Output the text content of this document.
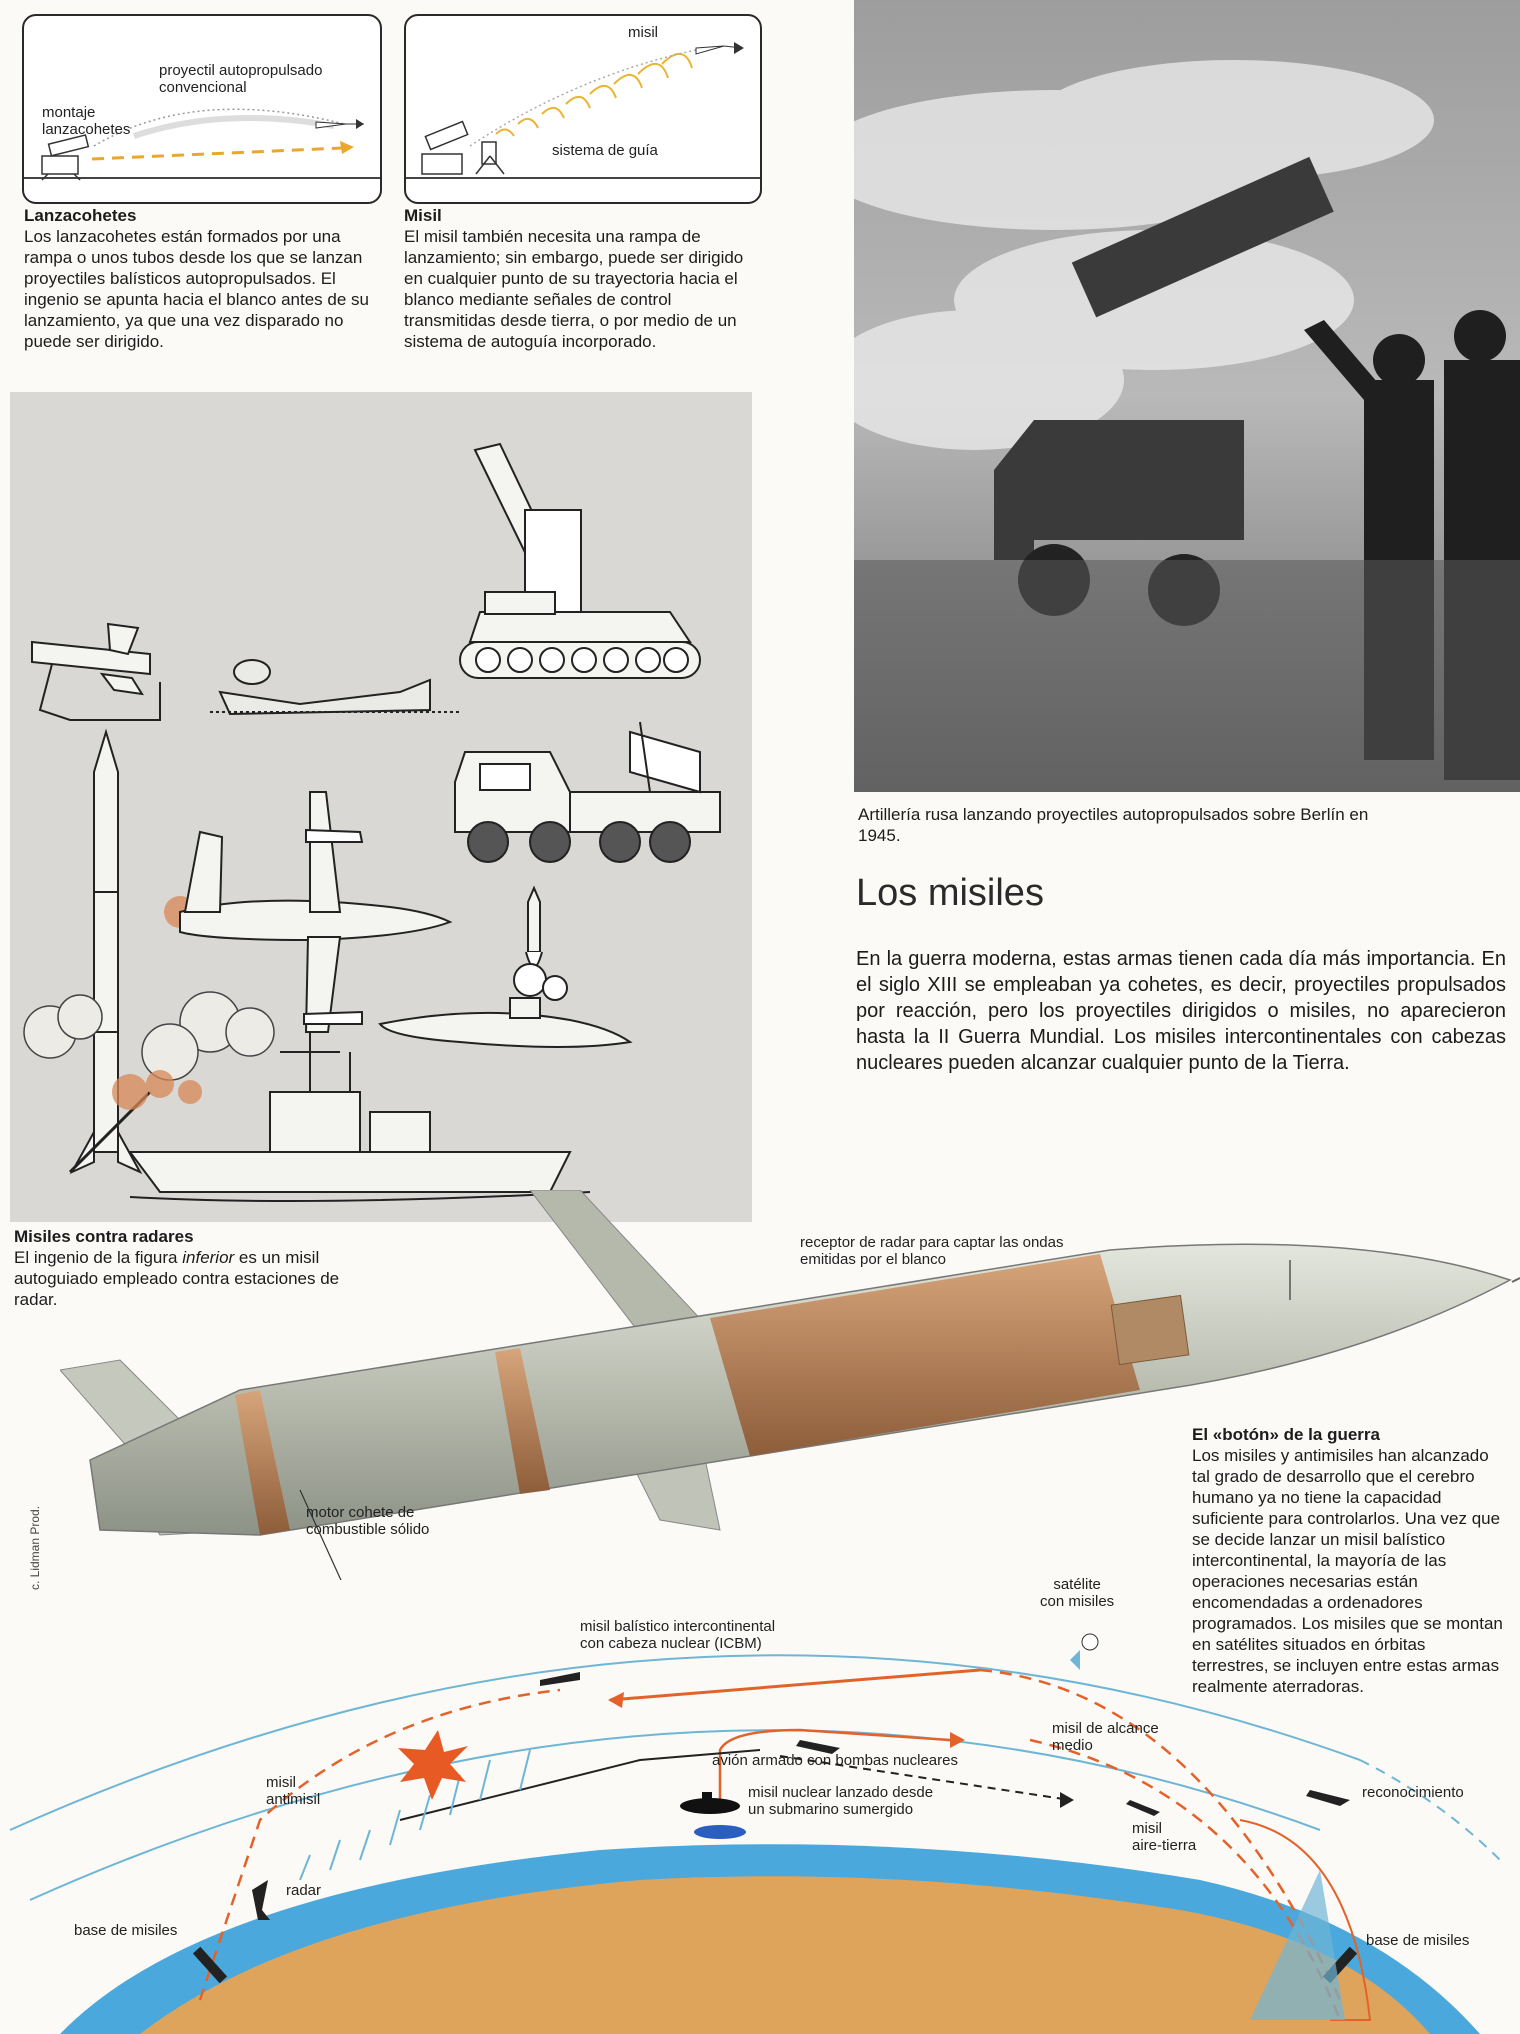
proyectil autopropulsado
convencional
montaje
lanzacohetes
misil
sistema de guía
Lanzacohetes
Los lanzacohetes están formados por una rampa o unos tubos desde los que se lanzan proyectiles balísticos autopropulsados. El ingenio se apunta hacia el blanco antes de su lanzamiento, ya que una vez disparado no puede ser dirigido.
Misil
El misil también necesita una rampa de lanzamiento; sin embargo, puede ser dirigido en cualquier punto de su trayectoria hacia el blanco mediante señales de control transmitidas desde tierra, o por medio de un sistema de autoguía incorporado.
Artillería rusa lanzando proyectiles autopropulsados sobre Berlín en 1945.
Los misiles
En la guerra moderna, estas armas tienen cada día más importancia. En el siglo XIII se empleaban ya cohetes, es decir, proyectiles propulsados por reacción, pero los proyectiles dirigidos o misiles, no aparecieron hasta la II Guerra Mundial. Los misiles intercontinentales con cabezas nucleares pueden alcanzar cualquier punto de la Tierra.
Misiles contra radares
El ingenio de la figura inferior es un misil autoguiado empleado contra estaciones de radar.
receptor de radar para captar las ondas
emitidas por el blanco
motor cohete de
combustible sólido
El «botón» de la guerra
Los misiles y antimisiles han alcanzado tal grado de desarrollo que el cerebro humano ya no tiene la capacidad suficiente para controlarlos. Una vez que se decide lanzar un misil balístico intercontinental, la mayoría de las operaciones necesarias están encomendadas a ordenadores programados. Los misiles que se montan en satélites situados en órbitas terrestres, se incluyen entre estas armas realmente aterradoras.
c. Lidman Prod.
misil balístico intercontinental
con cabeza nuclear (ICBM)
satélite
con misiles
misil de alcance
medio
avión armado con bombas nucleares
misil nuclear lanzado desde
un submarino sumergido
misil
antimisil
misil
aire-tierra
reconocimiento
radar
base de misiles
base de misiles
